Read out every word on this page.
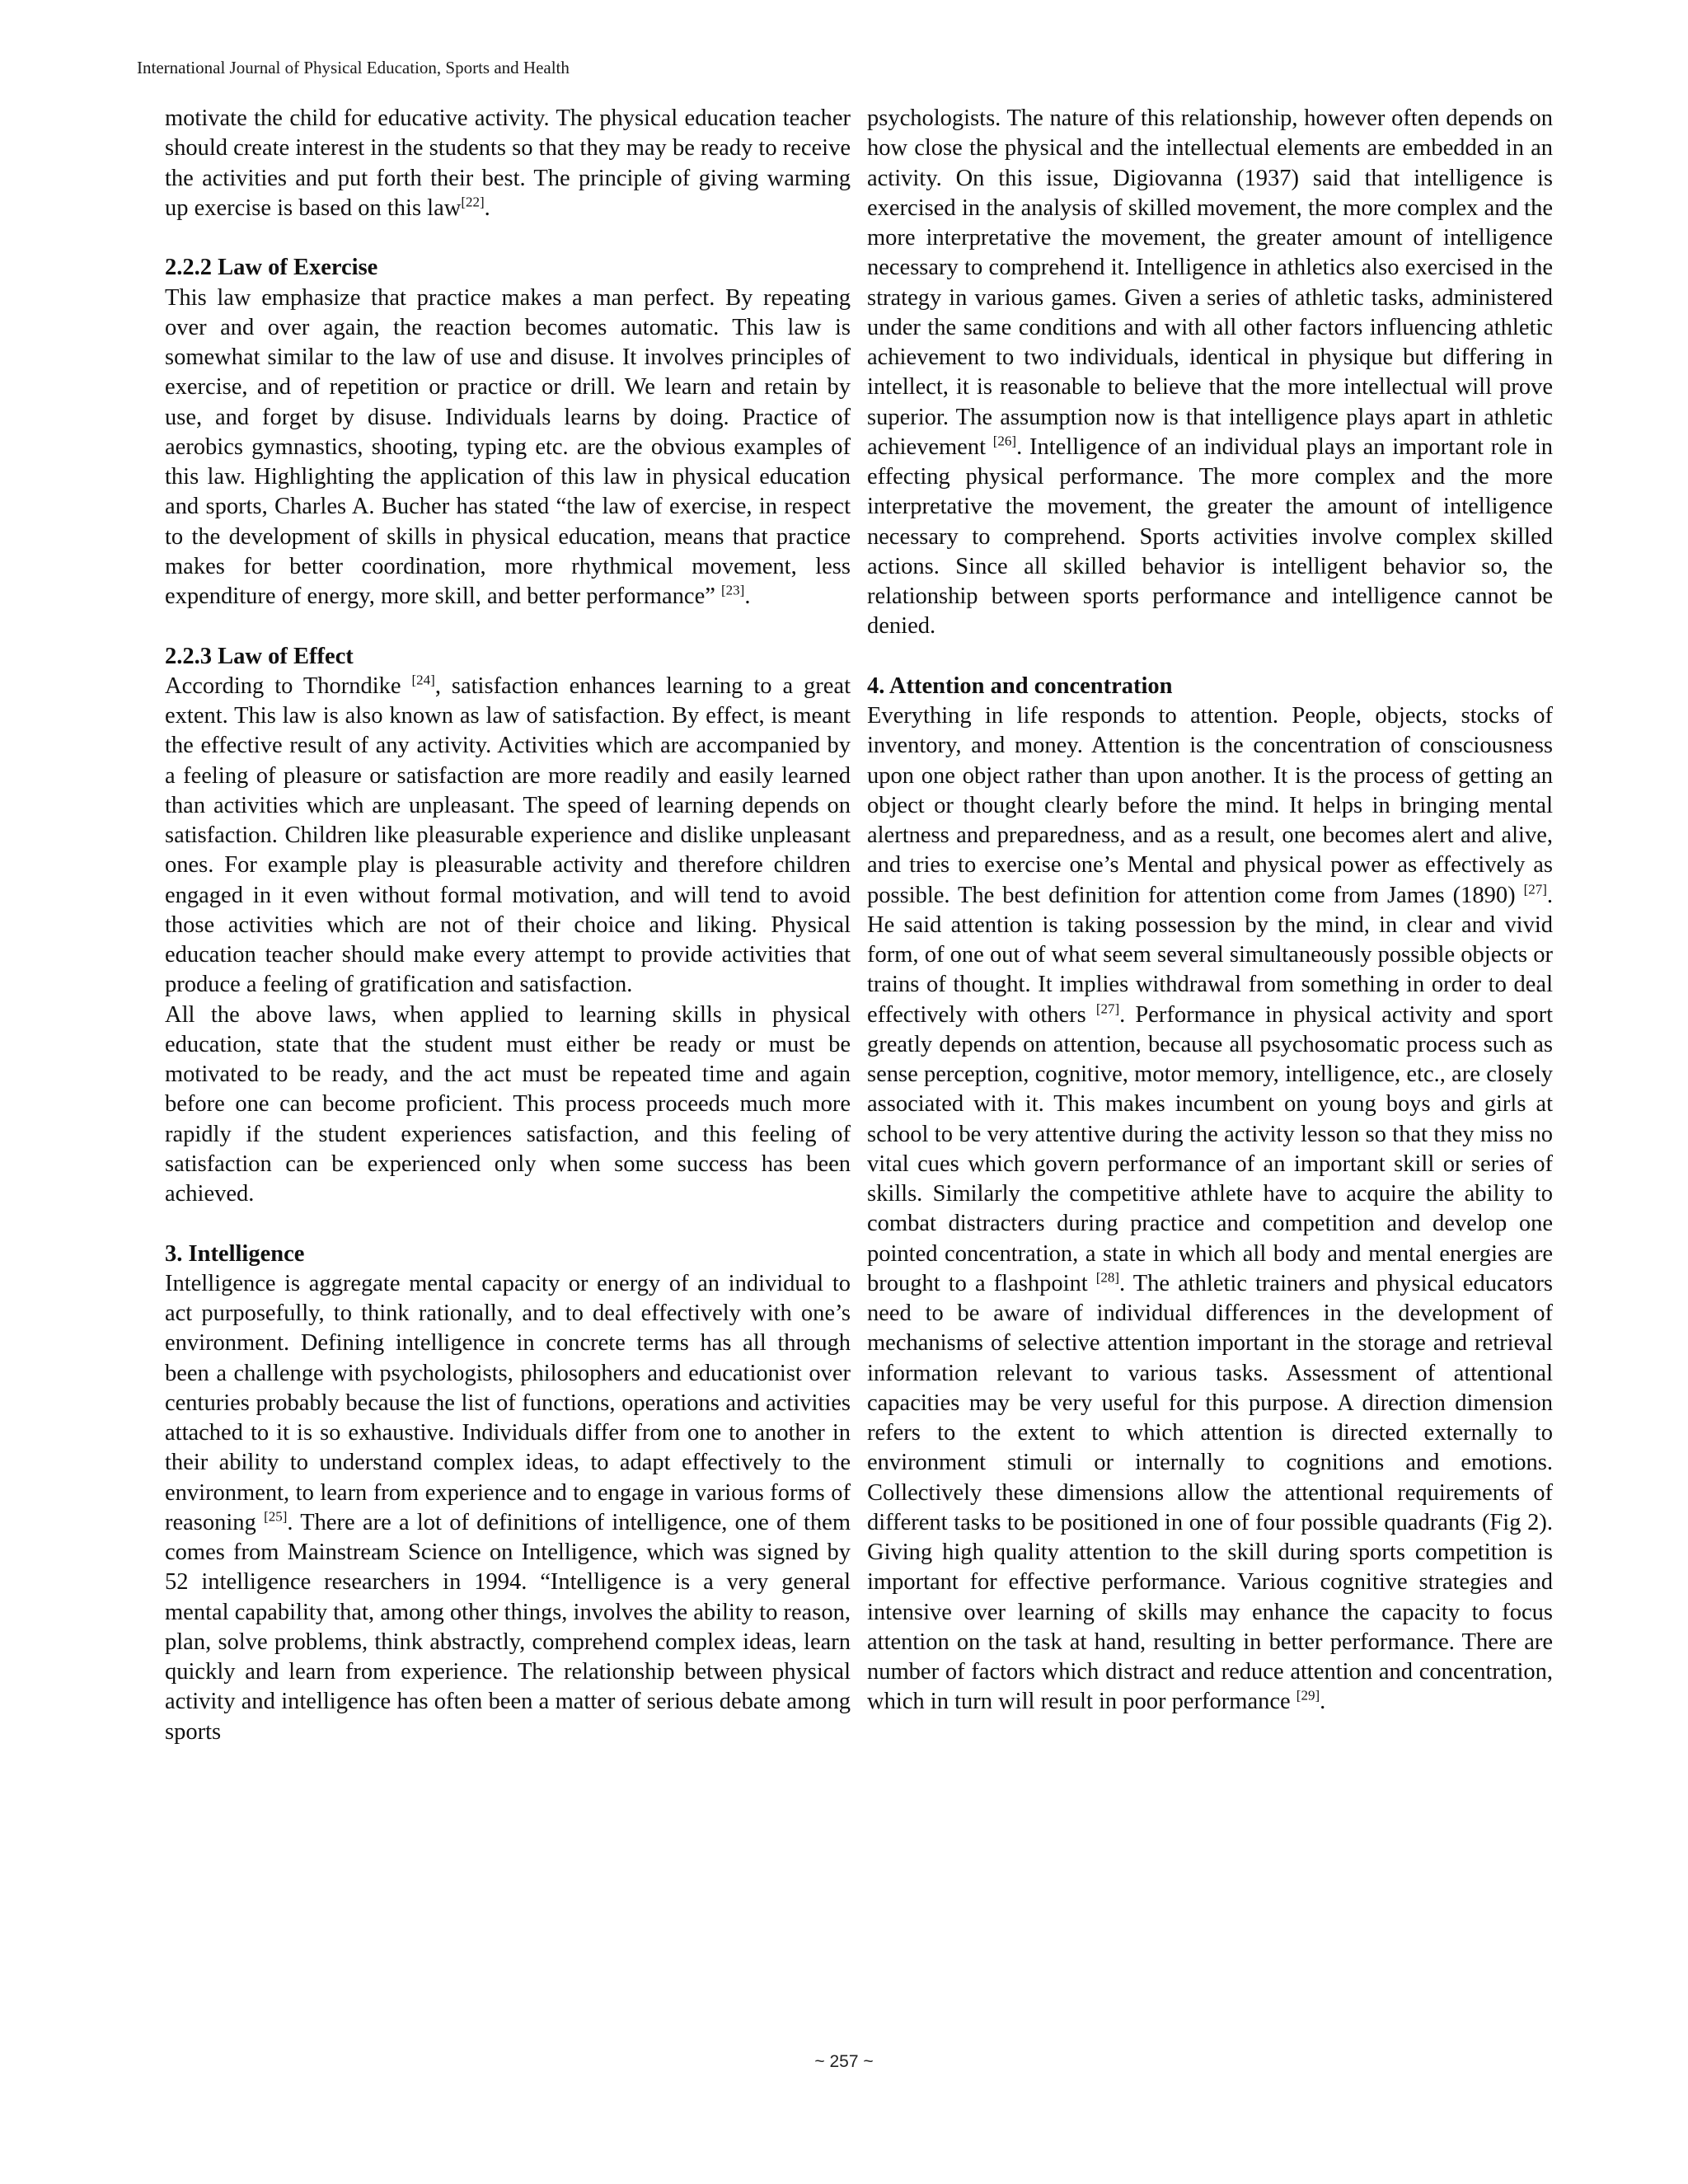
International Journal of Physical Education, Sports and Health

motivate the child for educative activity. The physical education teacher should create interest in the students so that they may be ready to receive the activities and put forth their best. The principle of giving warming up exercise is based on this law[22].

2.2.2 Law of Exercise

This law emphasize that practice makes a man perfect. By repeating over and over again, the reaction becomes automatic. This law is somewhat similar to the law of use and disuse. It involves principles of exercise, and of repetition or practice or drill. We learn and retain by use, and forget by disuse. Individuals learns by doing. Practice of aerobics gymnastics, shooting, typing etc. are the obvious examples of this law. Highlighting the application of this law in physical education and sports, Charles A. Bucher has stated “the law of exercise, in respect to the development of skills in physical education, means that practice makes for better coordination, more rhythmical movement, less expenditure of energy, more skill, and better performance” [23].

2.2.3 Law of Effect

According to Thorndike [24], satisfaction enhances learning to a great extent. This law is also known as law of satisfaction. By effect, is meant the effective result of any activity. Activities which are accompanied by a feeling of pleasure or satisfaction are more readily and easily learned than activities which are unpleasant. The speed of learning depends on satisfaction. Children like pleasurable experience and dislike unpleasant ones. For example play is pleasurable activity and therefore children engaged in it even without formal motivation, and will tend to avoid those activities which are not of their choice and liking. Physical education teacher should make every attempt to provide activities that produce a feeling of gratification and satisfaction.

All the above laws, when applied to learning skills in physical education, state that the student must either be ready or must be motivated to be ready, and the act must be repeated time and again before one can become proficient. This process proceeds much more rapidly if the student experiences satisfaction, and this feeling of satisfaction can be experienced only when some success has been achieved.

3. Intelligence

Intelligence is aggregate mental capacity or energy of an individual to act purposefully, to think rationally, and to deal effectively with one’s environment. Defining intelligence in concrete terms has all through been a challenge with psychologists, philosophers and educationist over centuries probably because the list of functions, operations and activities attached to it is so exhaustive. Individuals differ from one to another in their ability to understand complex ideas, to adapt effectively to the environment, to learn from experience and to engage in various forms of reasoning [25]. There are a lot of definitions of intelligence, one of them comes from Mainstream Science on Intelligence, which was signed by 52 intelligence researchers in 1994. “Intelligence is a very general mental capability that, among other things, involves the ability to reason, plan, solve problems, think abstractly, comprehend complex ideas, learn quickly and learn from experience. The relationship between physical activity and intelligence has often been a matter of serious debate among sports

psychologists. The nature of this relationship, however often depends on how close the physical and the intellectual elements are embedded in an activity. On this issue, Digiovanna (1937) said that intelligence is exercised in the analysis of skilled movement, the more complex and the more interpretative the movement, the greater amount of intelligence necessary to comprehend it. Intelligence in athletics also exercised in the strategy in various games. Given a series of athletic tasks, administered under the same conditions and with all other factors influencing athletic achievement to two individuals, identical in physique but differing in intellect, it is reasonable to believe that the more intellectual will prove superior. The assumption now is that intelligence plays apart in athletic achievement [26]. Intelligence of an individual plays an important role in effecting physical performance. The more complex and the more interpretative the movement, the greater the amount of intelligence necessary to comprehend. Sports activities involve complex skilled actions. Since all skilled behavior is intelligent behavior so, the relationship between sports performance and intelligence cannot be denied.

4. Attention and concentration

Everything in life responds to attention. People, objects, stocks of inventory, and money. Attention is the concentration of consciousness upon one object rather than upon another. It is the process of getting an object or thought clearly before the mind. It helps in bringing mental alertness and preparedness, and as a result, one becomes alert and alive, and tries to exercise one’s Mental and physical power as effectively as possible. The best definition for attention come from James (1890) [27]. He said attention is taking possession by the mind, in clear and vivid form, of one out of what seem several simultaneously possible objects or trains of thought. It implies withdrawal from something in order to deal effectively with others [27]. Performance in physical activity and sport greatly depends on attention, because all psychosomatic process such as sense perception, cognitive, motor memory, intelligence, etc., are closely associated with it. This makes incumbent on young boys and girls at school to be very attentive during the activity lesson so that they miss no vital cues which govern performance of an important skill or series of skills. Similarly the competitive athlete have to acquire the ability to combat distracters during practice and competition and develop one pointed concentration, a state in which all body and mental energies are brought to a flashpoint [28]. The athletic trainers and physical educators need to be aware of individual differences in the development of mechanisms of selective attention important in the storage and retrieval information relevant to various tasks. Assessment of attentional capacities may be very useful for this purpose. A direction dimension refers to the extent to which attention is directed externally to environment stimuli or internally to cognitions and emotions. Collectively these dimensions allow the attentional requirements of different tasks to be positioned in one of four possible quadrants (Fig 2). Giving high quality attention to the skill during sports competition is important for effective performance. Various cognitive strategies and intensive over learning of skills may enhance the capacity to focus attention on the task at hand, resulting in better performance. There are number of factors which distract and reduce attention and concentration, which in turn will result in poor performance [29].

~ 257 ~
